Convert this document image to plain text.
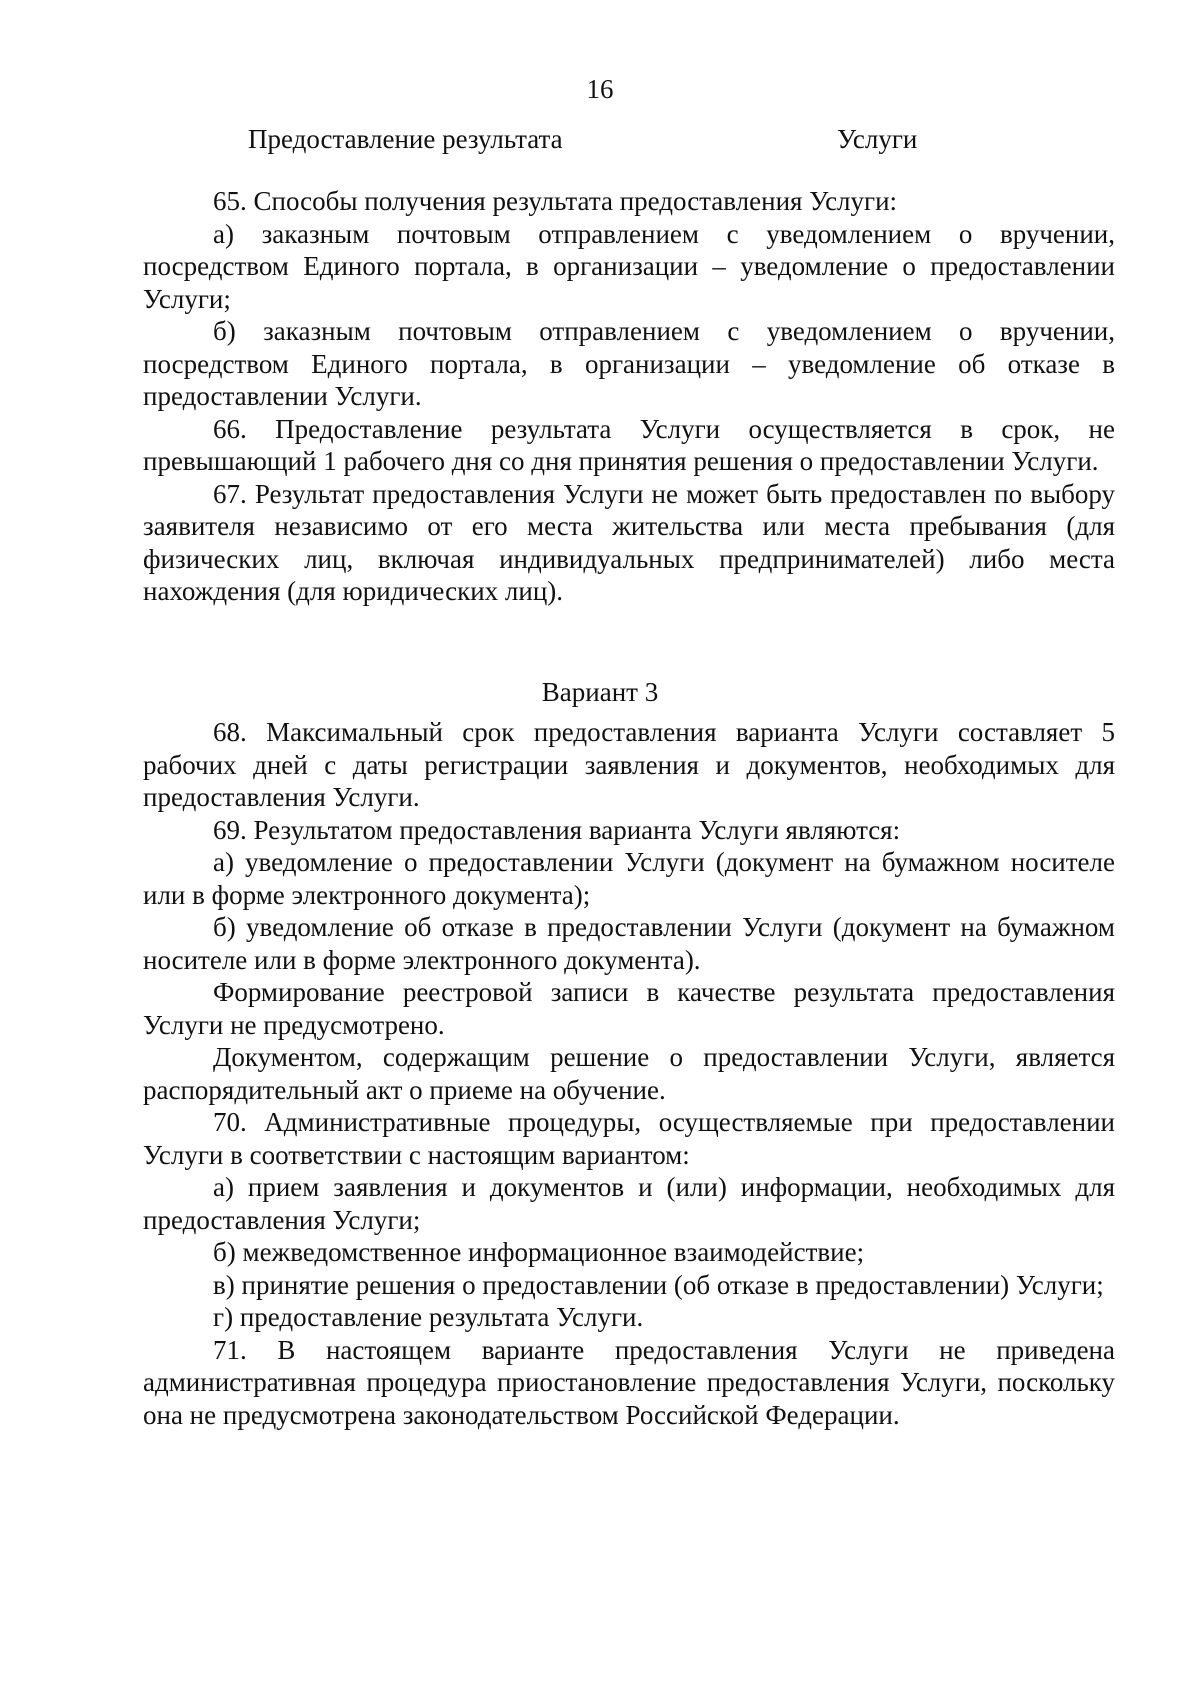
16
Предоставление результата	Услуги

65. Способы получения результата предоставления Услуги:

а) заказным почтовым отправлением с уведомлением о вручении, посредством Единого портала, в организации – уведомление о предоставлении Услуги;

б) заказным почтовым отправлением с уведомлением о вручении, посредством Единого портала, в организации – уведомление об отказе в предоставлении Услуги.

66. Предоставление результата Услуги осуществляется в срок, не превышающий 1 рабочего дня со дня принятия решения о предоставлении Услуги.

67. Результат предоставления Услуги не может быть предоставлен по выбору заявителя независимо от его места жительства или места пребывания (для физических лиц, включая индивидуальных предпринимателей) либо места нахождения (для юридических лиц).

Вариант 3

68. Максимальный срок предоставления варианта Услуги составляет 5 рабочих дней с даты регистрации заявления и документов, необходимых для предоставления Услуги.

69. Результатом предоставления варианта Услуги являются:

а) уведомление о предоставлении Услуги (документ на бумажном носителе или в форме электронного документа);

б) уведомление об отказе в предоставлении Услуги (документ на бумажном носителе или в форме электронного документа).

Формирование реестровой записи в качестве результата предоставления Услуги не предусмотрено.

Документом, содержащим решение о предоставлении Услуги, является распорядительный акт о приеме на обучение.

70. Административные процедуры, осуществляемые при предоставлении Услуги в соответствии с настоящим вариантом:

а) прием заявления и документов и (или) информации, необходимых для предоставления Услуги;

б) межведомственное информационное взаимодействие;

в) принятие решения о предоставлении (об отказе в предоставлении) Услуги;

г) предоставление результата Услуги.

71. В настоящем варианте предоставления Услуги не приведена административная процедура приостановление предоставления Услуги, поскольку она не предусмотрена законодательством Российской Федерации.
